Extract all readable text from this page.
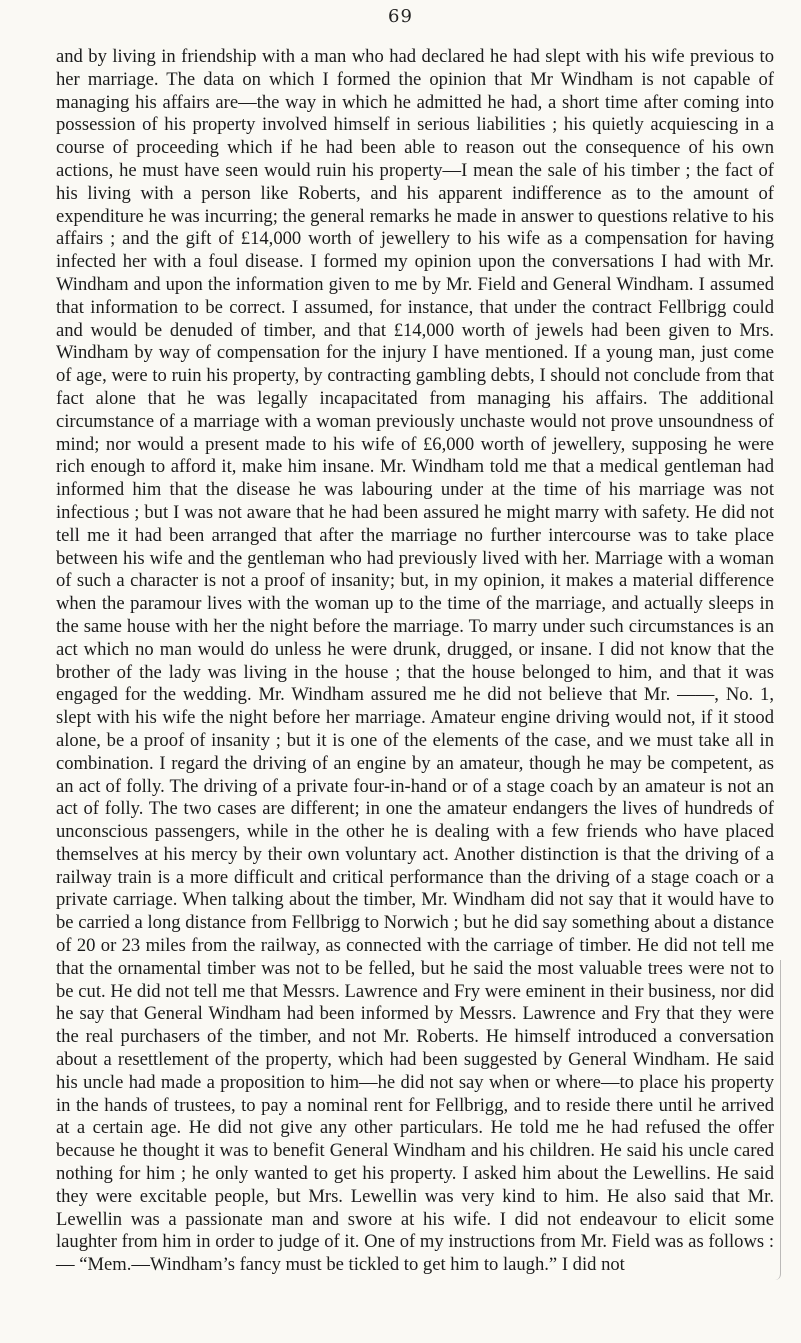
69

and by living in friendship with a man who had declared he had slept with his wife previous to her marriage. The data on which I formed the opinion that Mr Windham is not capable of managing his affairs are—the way in which he admitted he had, a short time after coming into possession of his property involved himself in serious liabilities ; his quietly acquiescing in a course of proceeding which if he had been able to reason out the consequence of his own actions, he must have seen would ruin his property—I mean the sale of his timber ; the fact of his living with a person like Roberts, and his apparent indifference as to the amount of expenditure he was incurring; the general remarks he made in answer to questions relative to his affairs ; and the gift of £14,000 worth of jewellery to his wife as a compensation for having infected her with a foul disease. I formed my opinion upon the conversations I had with Mr. Windham and upon the information given to me by Mr. Field and General Windham. I assumed that information to be correct. I assumed, for instance, that under the contract Fellbrigg could and would be denuded of timber, and that £14,000 worth of jewels had been given to Mrs. Windham by way of compensation for the injury I have mentioned. If a young man, just come of age, were to ruin his property, by contracting gambling debts, I should not conclude from that fact alone that he was legally incapacitated from managing his affairs. The additional circumstance of a marriage with a woman previously unchaste would not prove unsoundness of mind; nor would a present made to his wife of £6,000 worth of jewellery, supposing he were rich enough to afford it, make him insane. Mr. Windham told me that a medical gentleman had informed him that the disease he was labouring under at the time of his marriage was not infectious ; but I was not aware that he had been assured he might marry with safety. He did not tell me it had been arranged that after the marriage no further intercourse was to take place between his wife and the gentleman who had previously lived with her. Marriage with a woman of such a character is not a proof of insanity; but, in my opinion, it makes a material difference when the paramour lives with the woman up to the time of the marriage, and actually sleeps in the same house with her the night before the marriage. To marry under such circumstances is an act which no man would do unless he were drunk, drugged, or insane. I did not know that the brother of the lady was living in the house ; that the house belonged to him, and that it was engaged for the wedding. Mr. Windham assured me he did not believe that Mr. ——, No. 1, slept with his wife the night before her marriage. Amateur engine driving would not, if it stood alone, be a proof of insanity ; but it is one of the elements of the case, and we must take all in combination. I regard the driving of an engine by an amateur, though he may be competent, as an act of folly. The driving of a private four-in-hand or of a stage coach by an amateur is not an act of folly. The two cases are different; in one the amateur endangers the lives of hundreds of unconscious passengers, while in the other he is dealing with a few friends who have placed themselves at his mercy by their own voluntary act. Another distinction is that the driving of a railway train is a more difficult and critical performance than the driving of a stage coach or a private carriage. When talking about the timber, Mr. Windham did not say that it would have to be carried a long distance from Fellbrigg to Norwich ; but he did say something about a distance of 20 or 23 miles from the railway, as connected with the carriage of timber. He did not tell me that the ornamental timber was not to be felled, but he said the most valuable trees were not to be cut. He did not tell me that Messrs. Lawrence and Fry were eminent in their business, nor did he say that General Windham had been informed by Messrs. Lawrence and Fry that they were the real purchasers of the timber, and not Mr. Roberts. He himself introduced a conversation about a resettlement of the property, which had been suggested by General Windham. He said his uncle had made a proposition to him—he did not say when or where—to place his property in the hands of trustees, to pay a nominal rent for Fellbrigg, and to reside there until he arrived at a certain age. He did not give any other particulars. He told me he had refused the offer because he thought it was to benefit General Windham and his children. He said his uncle cared nothing for him ; he only wanted to get his property. I asked him about the Lewellins. He said they were excitable people, but Mrs. Lewellin was very kind to him. He also said that Mr. Lewellin was a passionate man and swore at his wife. I did not endeavour to elicit some laughter from him in order to judge of it. One of my instructions from Mr. Field was as follows :— “Mem.—Windham’s fancy must be tickled to get him to laugh.” I did not
